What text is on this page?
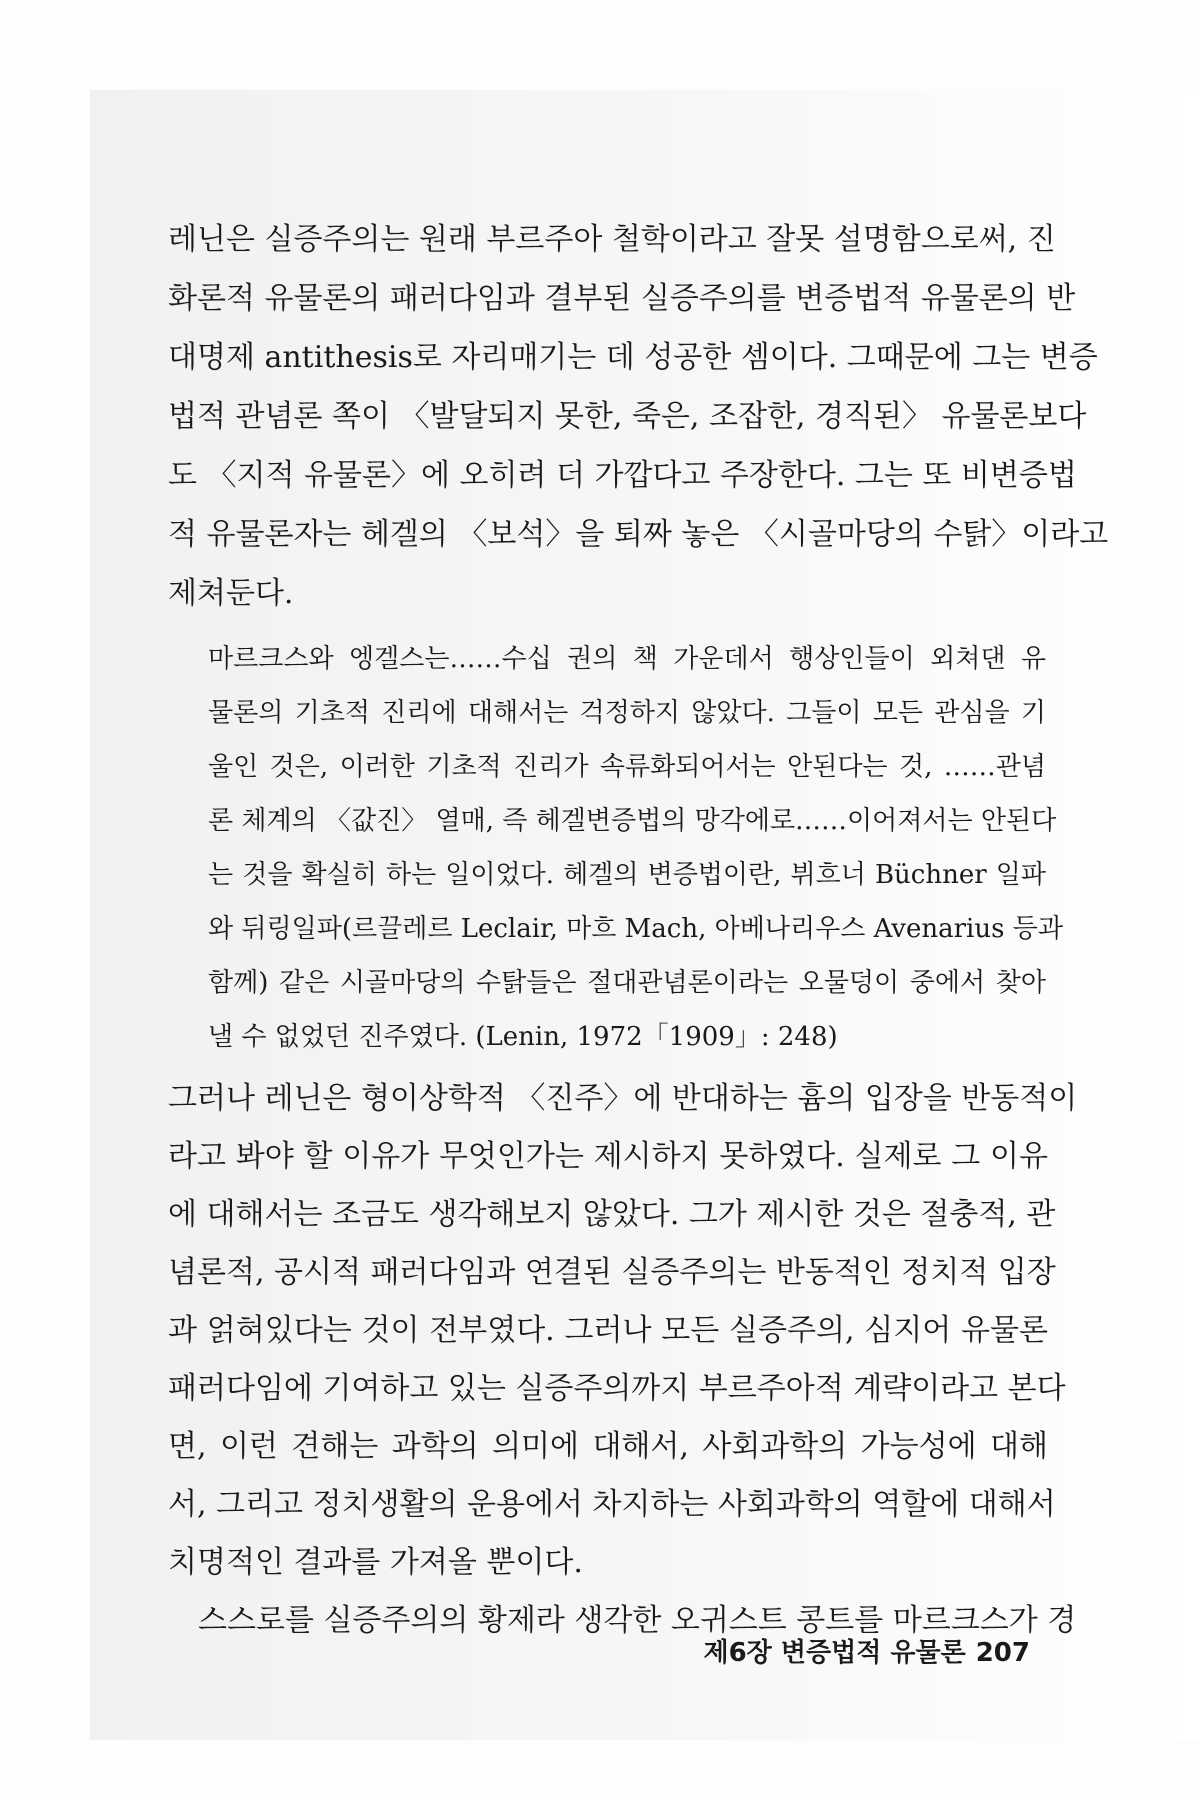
레닌은 실증주의는 원래 부르주아 철학이라고 잘못 설명함으로써, 진
화론적 유물론의 패러다임과 결부된 실증주의를 변증법적 유물론의 반
대명제 antithesis로 자리매기는 데 성공한 셈이다. 그때문에 그는 변증
법적 관념론 쪽이 〈발달되지 못한, 죽은, 조잡한, 경직된〉 유물론보다
도 〈지적 유물론〉에 오히려 더 가깝다고 주장한다. 그는 또 비변증법
적 유물론자는 헤겔의 〈보석〉을 퇴짜 놓은 〈시골마당의 수탉〉이라고
제쳐둔다.
마르크스와 엥겔스는……수십 권의 책 가운데서 행상인들이 외쳐댄 유
물론의 기초적 진리에 대해서는 걱정하지 않았다. 그들이 모든 관심을 기
울인 것은, 이러한 기초적 진리가 속류화되어서는 안된다는 것, ……관념
론 체계의 〈값진〉 열매, 즉 헤겔변증법의 망각에로……이어져서는 안된다
는 것을 확실히 하는 일이었다. 헤겔의 변증법이란, 뷔흐너 Büchner 일파
와 뒤링일파(르끌레르 Leclair, 마흐 Mach, 아베나리우스 Avenarius 등과
함께) 같은 시골마당의 수탉들은 절대관념론이라는 오물덩이 중에서 찾아
낼 수 없었던 진주였다. (Lenin, 1972「1909」: 248)
그러나 레닌은 형이상학적 〈진주〉에 반대하는 흄의 입장을 반동적이
라고 봐야 할 이유가 무엇인가는 제시하지 못하였다. 실제로 그 이유
에 대해서는 조금도 생각해보지 않았다. 그가 제시한 것은 절충적, 관
념론적, 공시적 패러다임과 연결된 실증주의는 반동적인 정치적 입장
과 얽혀있다는 것이 전부였다. 그러나 모든 실증주의, 심지어 유물론
패러다임에 기여하고 있는 실증주의까지 부르주아적 계략이라고 본다
면, 이런 견해는 과학의 의미에 대해서, 사회과학의 가능성에 대해
서, 그리고 정치생활의 운용에서 차지하는 사회과학의 역할에 대해서
치명적인 결과를 가져올 뿐이다.
스스로를 실증주의의 황제라 생각한 오귀스트 콩트를 마르크스가 경
제6장 변증법적 유물론 207
